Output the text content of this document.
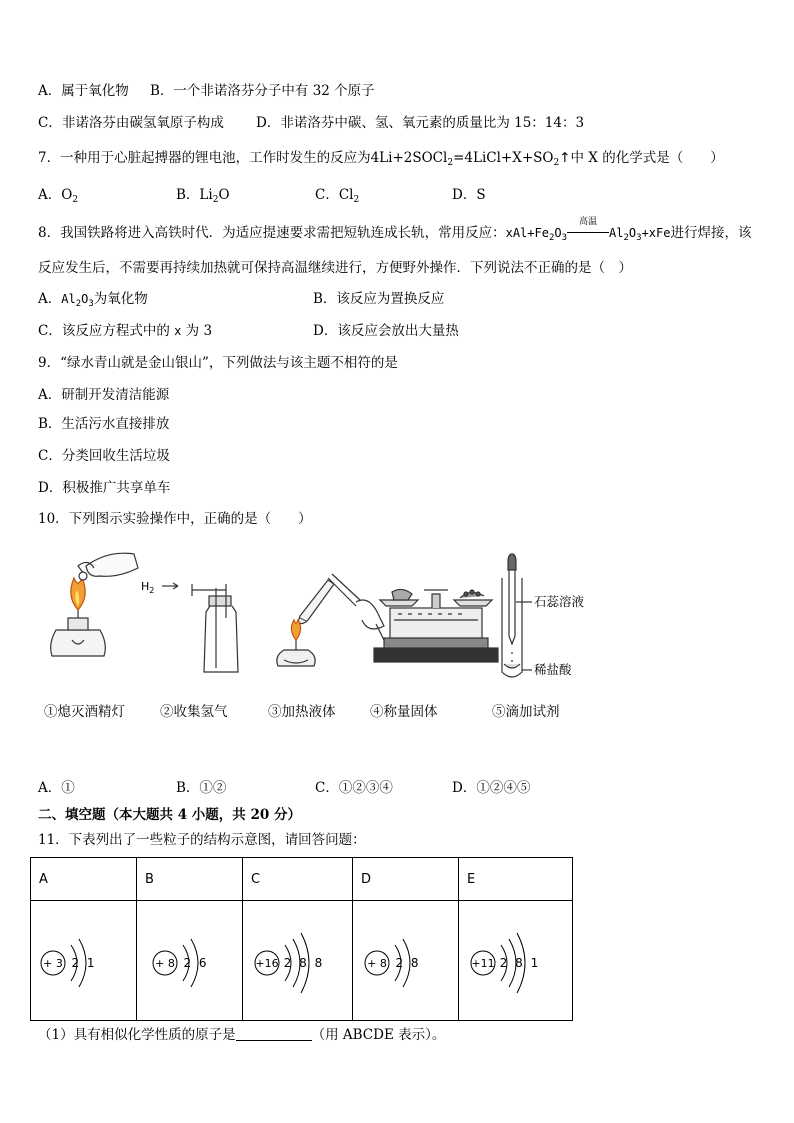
A．属于氧化物 B．一个非诺洛芬分子中有 32 个原子
C．非诺洛芬由碳氢氧原子构成 D．非诺洛芬中碳、氢、氧元素的质量比为 15：14：3
7．一种用于心脏起搏器的锂电池，工作时发生的反应为$4Li+2SOCl_2=4LiCl+X+SO_2↑$中 X 的化学式是（　　）
A．$O_2$	B．$Li_2O$	C．$Cl_2$	D．S
8．我国铁路将进入高铁时代．为适应提速要求需把短轨连成长轨，常用反应：$xAl+Fe_2O_3$
高温
$Al_2O_3+xFe$进行焊接，该
反应发生后，不需要再持续加热就可保持高温继续进行，方便野外操作．下列说法不正确的是（　）
A．$Al_2O_3$为氧化物	B．该反应为置换反应
C．该反应方程式中的 x 为 3	D．该反应会放出大量热
9．“绿水青山就是金山银山”，下列做法与该主题不相符的是
A．研制开发清洁能源
B．生活污水直接排放
C．分类回收生活垃圾
D．积极推广共享单车
10．下列图示实验操作中，正确的是（　　）
$H_2$
石蕊溶液
稀盐酸
①熄灭酒精灯	②收集氢气	③加热液体	④称量固体	⑤滴加试剂
A．①	B．①②	C．①②③④	D．①②④⑤
二、填空题（本大题共 4 小题，共 20 分）
11．下表列出了一些粒子的结构示意图，请回答问题：
A	B	C	D	E

+ 3 2 1	+ 8 2 6	+16 2 8 8	+ 8 2 8	+11 2 8 1
（1）具有相似化学性质的原子是	（用 ABCDE 表示）。
